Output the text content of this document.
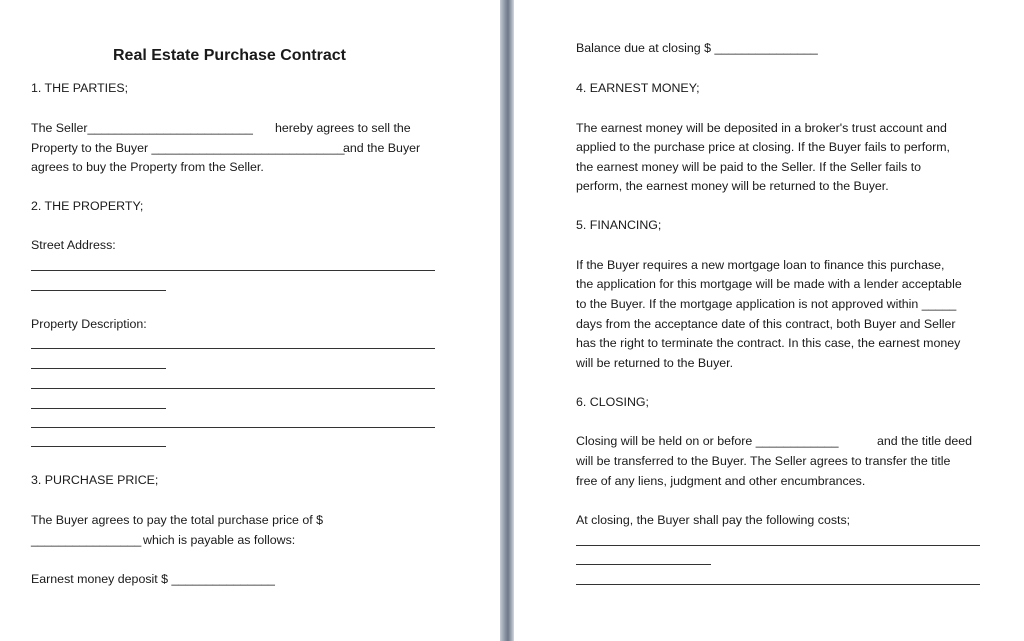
Real Estate Purchase Contract
1. THE PARTIES;
The Seller________________________ hereby agrees to sell the
Property to the Buyer ____________________________
and the Buyer
agrees to buy the Property from the Seller.
2. THE PROPERTY;
Street Address:
Property Description:
3. PURCHASE PRICE;
The Buyer agrees to pay the total purchase price of $
________________ which is payable as follows:
Earnest money deposit $ _______________
Balance due at closing $ _______________
4. EARNEST MONEY;
The earnest money will be deposited in a broker's trust account and
applied to the purchase price at closing. If the Buyer fails to perform,
the earnest money will be paid to the Seller. If the Seller fails to
perform, the earnest money will be returned to the Buyer.
5. FINANCING;
If the Buyer requires a new mortgage loan to finance this purchase,
the application for this mortgage will be made with a lender acceptable
to the Buyer. If the mortgage application is not approved within _____
days from the acceptance date of this contract, both Buyer and Seller
has the right to terminate the contract. In this case, the earnest money
will be returned to the Buyer.
6. CLOSING;
Closing will be held on or before ____________	and the title deed
will be transferred to the Buyer. The Seller agrees to transfer the title
free of any liens, judgment and other encumbrances.
At closing, the Buyer shall pay the following costs;
